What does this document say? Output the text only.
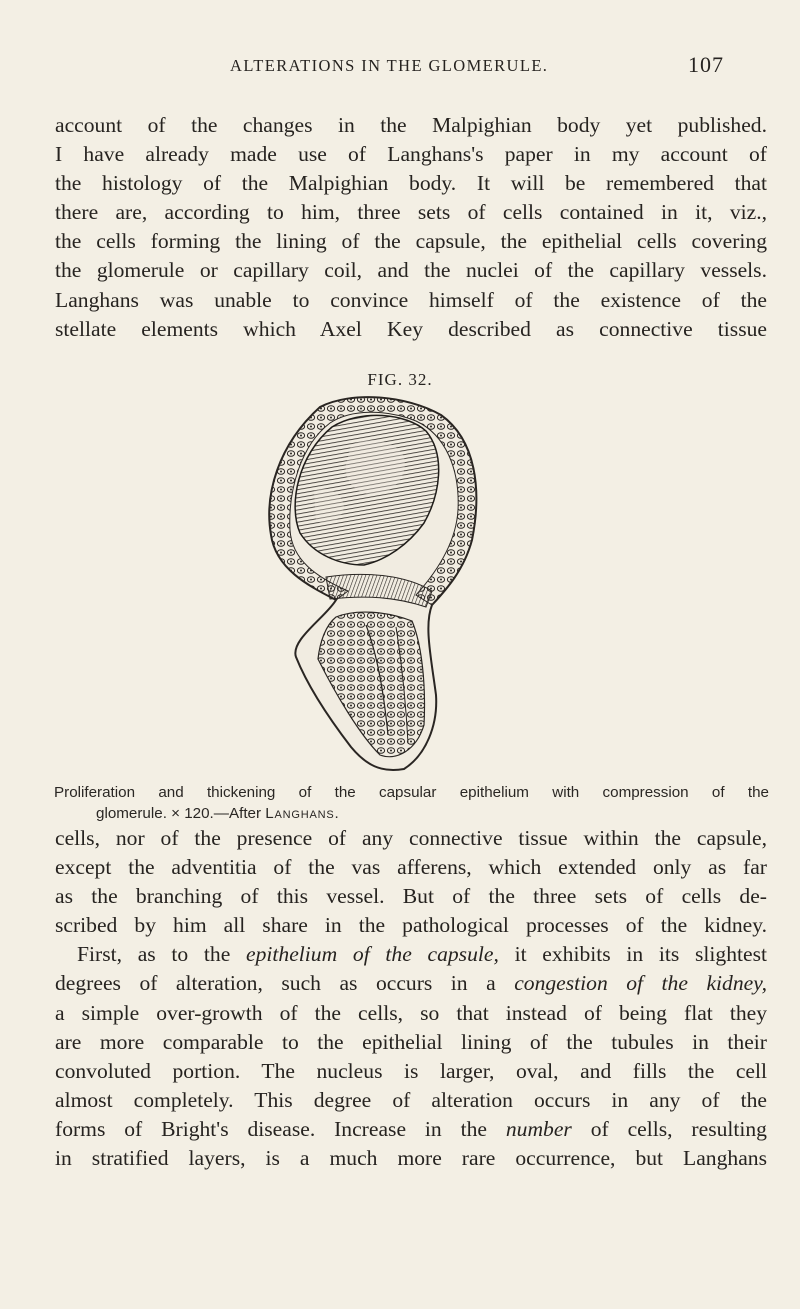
ALTERATIONS IN THE GLOMERULE.	107
account of the changes in the Malpighian body yet published.
I have already made use of Langhans's paper in my account of
the histology of the Malpighian body. It will be remembered that
there are, according to him, three sets of cells contained in it, viz.,
the cells forming the lining of the capsule, the epithelial cells covering
the glomerule or capillary coil, and the nuclei of the capillary vessels.
Langhans was unable to convince himself of the existence of the
stellate elements which Axel Key described as connective tissue
FIG. 32.
Proliferation and thickening of the capsular epithelium with compression of the
glomerule. × 120.—After Langhans.
cells, nor of the presence of any connective tissue within the capsule,
except the adventitia of the vas afferens, which extended only as far
as the branching of this vessel. But of the three sets of cells de-
scribed by him all share in the pathological processes of the kidney.
First, as to the epithelium of the capsule, it exhibits in its slightest
degrees of alteration, such as occurs in a congestion of the kidney,
a simple over-growth of the cells, so that instead of being flat they
are more comparable to the epithelial lining of the tubules in their
convoluted portion. The nucleus is larger, oval, and fills the cell
almost completely. This degree of alteration occurs in any of the
forms of Bright's disease. Increase in the number of cells, resulting
in stratified layers, is a much more rare occurrence, but Langhans
